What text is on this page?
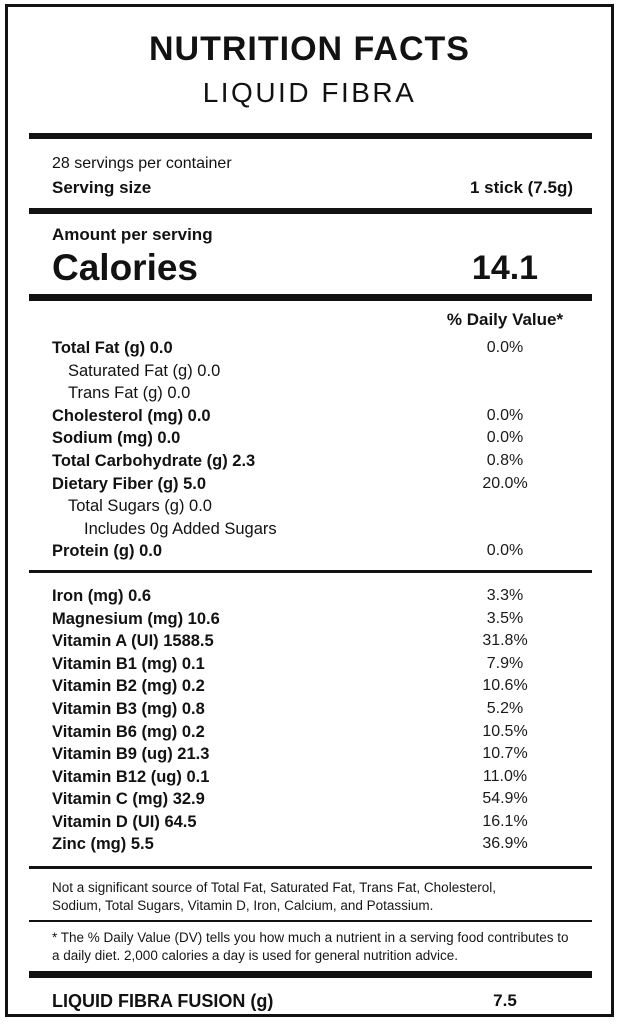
NUTRITION FACTS
LIQUID FIBRA
28 servings per container
Serving size	1 stick (7.5g)
Amount per serving
Calories	14.1
% Daily Value*
Total Fat (g) 0.0	0.0%
Saturated Fat (g) 0.0
Trans Fat (g) 0.0
Cholesterol (mg) 0.0	0.0%
Sodium (mg) 0.0	0.0%
Total Carbohydrate (g) 2.3	0.8%
Dietary Fiber (g) 5.0	20.0%
Total Sugars (g) 0.0
Includes 0g Added Sugars
Protein (g) 0.0	0.0%
Iron (mg) 0.6	3.3%
Magnesium (mg) 10.6	3.5%
Vitamin A (UI) 1588.5	31.8%
Vitamin B1 (mg) 0.1	7.9%
Vitamin B2 (mg) 0.2	10.6%
Vitamin B3 (mg) 0.8	5.2%
Vitamin B6 (mg) 0.2	10.5%
Vitamin B9 (ug) 21.3	10.7%
Vitamin B12 (ug) 0.1	11.0%
Vitamin C (mg) 32.9	54.9%
Vitamin D (UI) 64.5	16.1%
Zinc (mg) 5.5	36.9%

Not a significant source of Total Fat, Saturated Fat, Trans Fat, Cholesterol, Sodium, Total Sugars, Vitamin D, Iron, Calcium, and Potassium.

* The % Daily Value (DV) tells you how much a nutrient in a serving food contributes to a daily diet. 2,000 calories a day is used for general nutrition advice.

LIQUID FIBRA FUSION (g)	7.5
